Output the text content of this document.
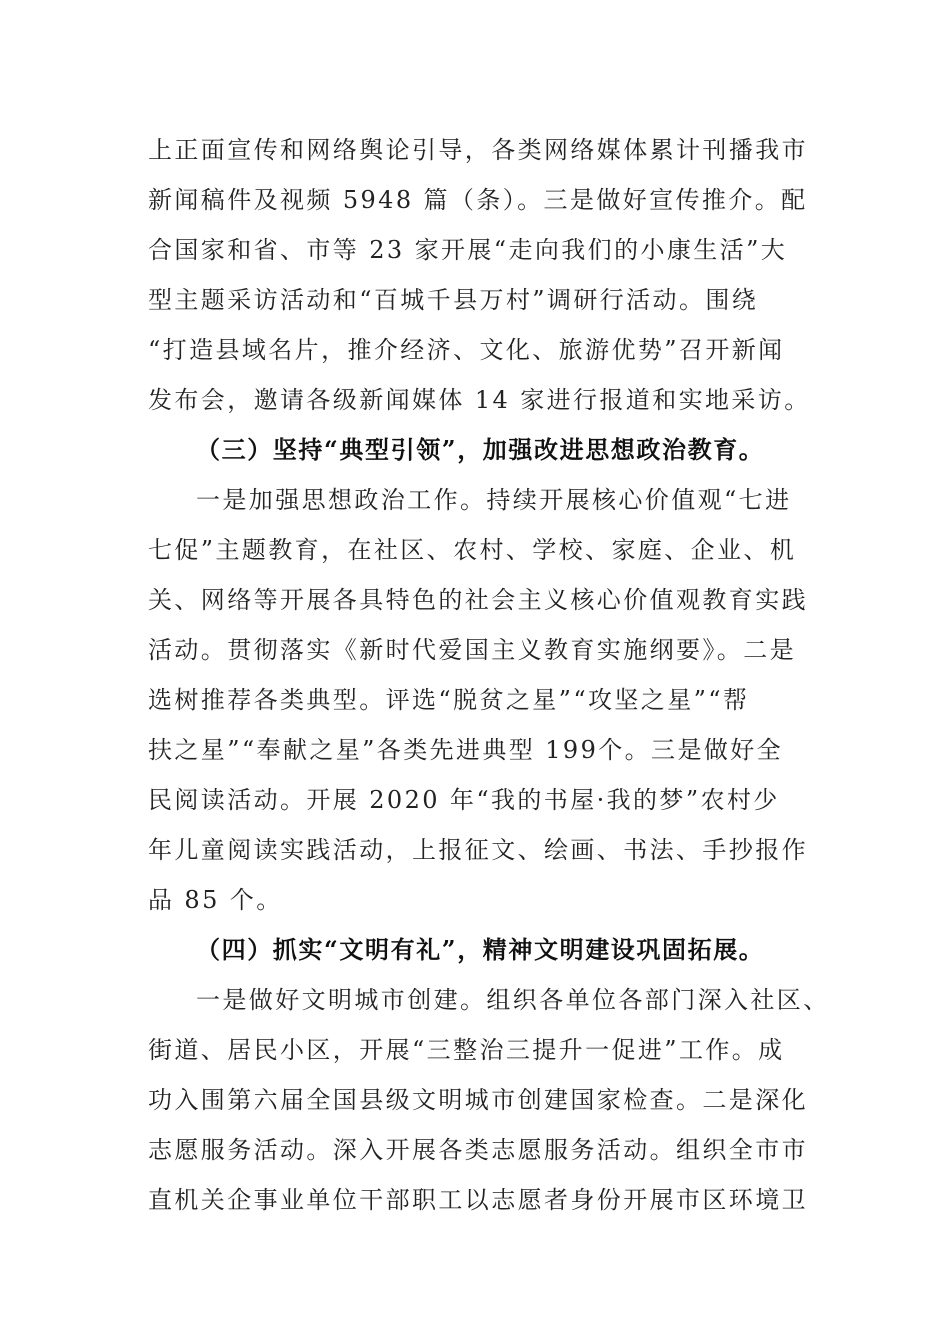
上正面宣传和网络舆论引导，各类网络媒体累计刊播我市
新闻稿件及视频 5948 篇（条）。三是做好宣传推介。配
合国家和省、市等 23 家开展“走向我们的小康生活”大
型主题采访活动和“百城千县万村”调研行活动。围绕
“打造县域名片，推介经济、文化、旅游优势”召开新闻
发布会，邀请各级新闻媒体 14 家进行报道和实地采访。
（三）坚持“典型引领”，加强改进思想政治教育。
一是加强思想政治工作。持续开展核心价值观“七进
七促”主题教育，在社区、农村、学校、家庭、企业、机
关、网络等开展各具特色的社会主义核心价值观教育实践
活动。贯彻落实《新时代爱国主义教育实施纲要》。二是
选树推荐各类典型。评选“脱贫之星”“攻坚之星”“帮
扶之星”“奉献之星”各类先进典型 199个。三是做好全
民阅读活动。开展 2020 年“我的书屋·我的梦”农村少
年儿童阅读实践活动，上报征文、绘画、书法、手抄报作
品 85 个。
（四）抓实“文明有礼”，精神文明建设巩固拓展。
一是做好文明城市创建。组织各单位各部门深入社区、
街道、居民小区，开展“三整治三提升一促进”工作。成
功入围第六届全国县级文明城市创建国家检查。二是深化
志愿服务活动。深入开展各类志愿服务活动。组织全市市
直机关企事业单位干部职工以志愿者身份开展市区环境卫
